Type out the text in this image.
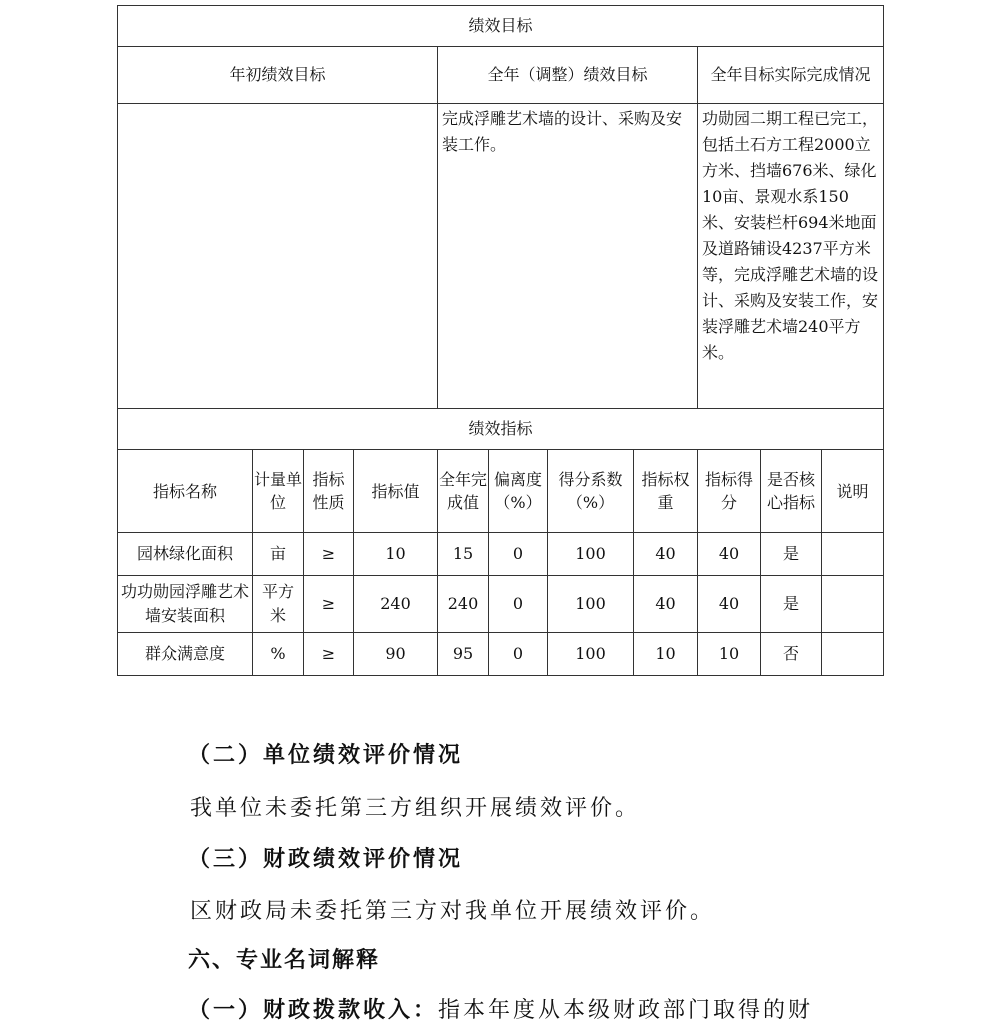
绩效目标										
年初绩效目标				全年（调整）绩效目标				全年目标实际完成情况		
				完成浮雕艺术墙的设计、采购及安装工作。				功勋园二期工程已完工，包括土石方工程2000立方米、挡墙676米、绿化10亩、景观水系150米、安装栏杆694米地面及道路铺设4237平方米等，完成浮雕艺术墙的设计、采购及安装工作，安装浮雕艺术墙240平方米。		
绩效指标										
指标名称	计量单位	指标性质	指标值	全年完成值	偏离度（%）	得分系数（%）	指标权重	指标得分	是否核心指标	说明
园林绿化面积	亩	≥	10	15	0	100	40	40	是	
功功勋园浮雕艺术墙安装面积	平方米	≥	240	240	0	100	40	40	是	
群众满意度	%	≥	90	95	0	100	10	10	否	
（二）单位绩效评价情况
我单位未委托第三方组织开展绩效评价。
（三）财政绩效评价情况
区财政局未委托第三方对我单位开展绩效评价。
六、专业名词解释
（一）财政拨款收入：指本年度从本级财政部门取得的财
